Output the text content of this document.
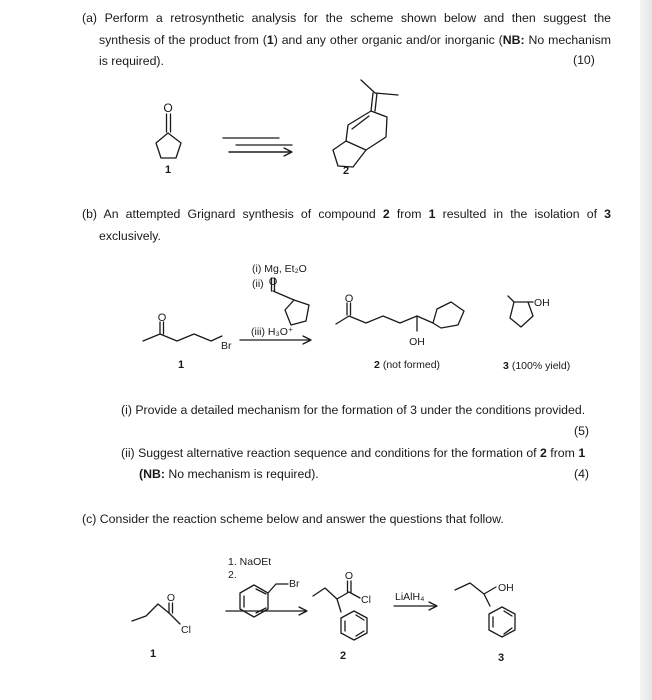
(a) Perform a retrosynthetic analysis for the scheme shown below and then suggest the
synthesis of the product from (1) and any other organic and/or inorganic (NB: No mechanism
is required).	(10)
(b) An attempted Grignard synthesis of compound 2 from 1 resulted in the isolation of 3
exclusively.
(i) Provide a detailed mechanism for the formation of 3 under the conditions provided.
(5)
(ii) Suggest alternative reaction sequence and conditions for the formation of 2 from 1
(NB: No mechanism is required).	(4)
(c) Consider the reaction scheme below and answer the questions that follow.
O
1	2
(i) Mg, Et₂O
(ii) O
(iii) H₃O⁺
O
Br
1
O
OH
2 (not formed)
OH
3 (100% yield)
1. NaOEt
2.
Br
O
Cl
1
O
Cl
2
LiAlH₄
OH
3
